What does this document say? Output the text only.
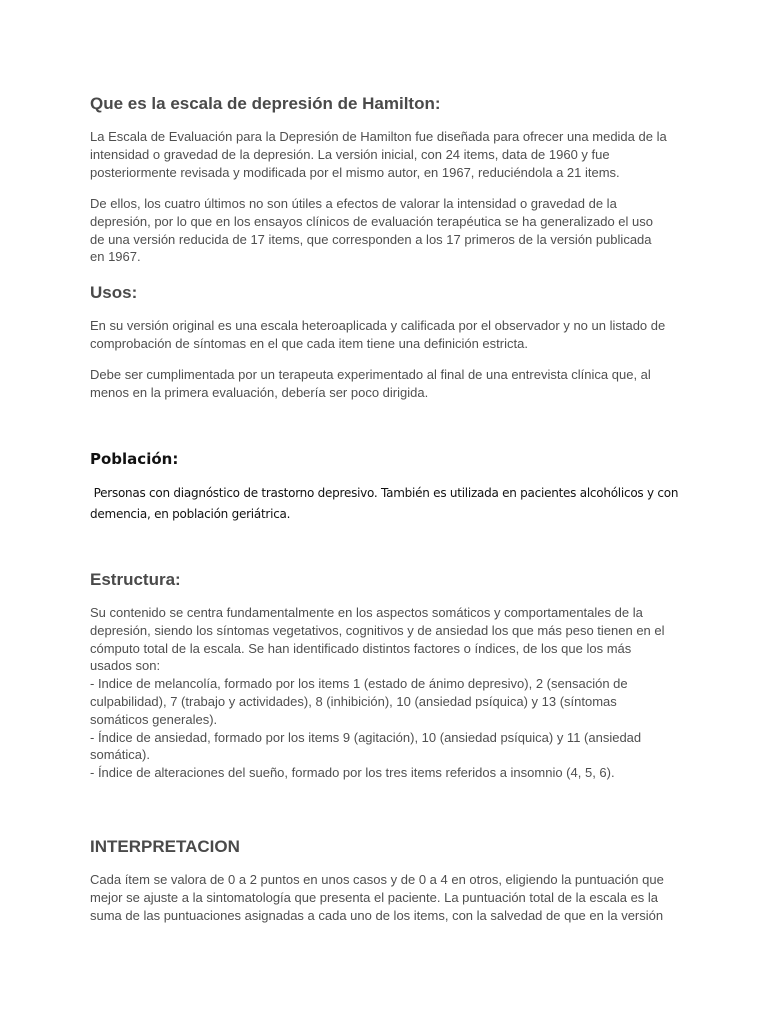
Que es la escala de depresión de Hamilton:

La Escala de Evaluación para la Depresión de Hamilton fue diseñada para ofrecer una medida de la
intensidad o gravedad de la depresión. La versión inicial, con 24 items, data de 1960 y fue
posteriormente revisada y modificada por el mismo autor, en 1967, reduciéndola a 21 items.

De ellos, los cuatro últimos no son útiles a efectos de valorar la intensidad o gravedad de la
depresión, por lo que en los ensayos clínicos de evaluación terapéutica se ha generalizado el uso
de una versión reducida de 17 items, que corresponden a los 17 primeros de la versión publicada
en 1967.

Usos:

En su versión original es una escala heteroaplicada y calificada por el observador y no un listado de
comprobación de síntomas en el que cada item tiene una definición estricta.

Debe ser cumplimentada por un terapeuta experimentado al final de una entrevista clínica que, al
menos en la primera evaluación, debería ser poco dirigida.

Población:

Personas con diagnóstico de trastorno depresivo. También es utilizada en pacientes alcohólicos y con
demencia, en población geriátrica.

Estructura:

Su contenido se centra fundamentalmente en los aspectos somáticos y comportamentales de la
depresión, siendo los síntomas vegetativos, cognitivos y de ansiedad los que más peso tienen en el
cómputo total de la escala. Se han identificado distintos factores o índices, de los que los más
usados son:
- Indice de melancolía, formado por los items 1 (estado de ánimo depresivo), 2 (sensación de
culpabilidad), 7 (trabajo y actividades), 8 (inhibición), 10 (ansiedad psíquica) y 13 (síntomas
somáticos generales).
- Índice de ansiedad, formado por los items 9 (agitación), 10 (ansiedad psíquica) y 11 (ansiedad
somática).
- Índice de alteraciones del sueño, formado por los tres items referidos a insomnio (4, 5, 6).

INTERPRETACION

Cada ítem se valora de 0 a 2 puntos en unos casos y de 0 a 4 en otros, eligiendo la puntuación que
mejor se ajuste a la sintomatología que presenta el paciente. La puntuación total de la escala es la
suma de las puntuaciones asignadas a cada uno de los items, con la salvedad de que en la versión
